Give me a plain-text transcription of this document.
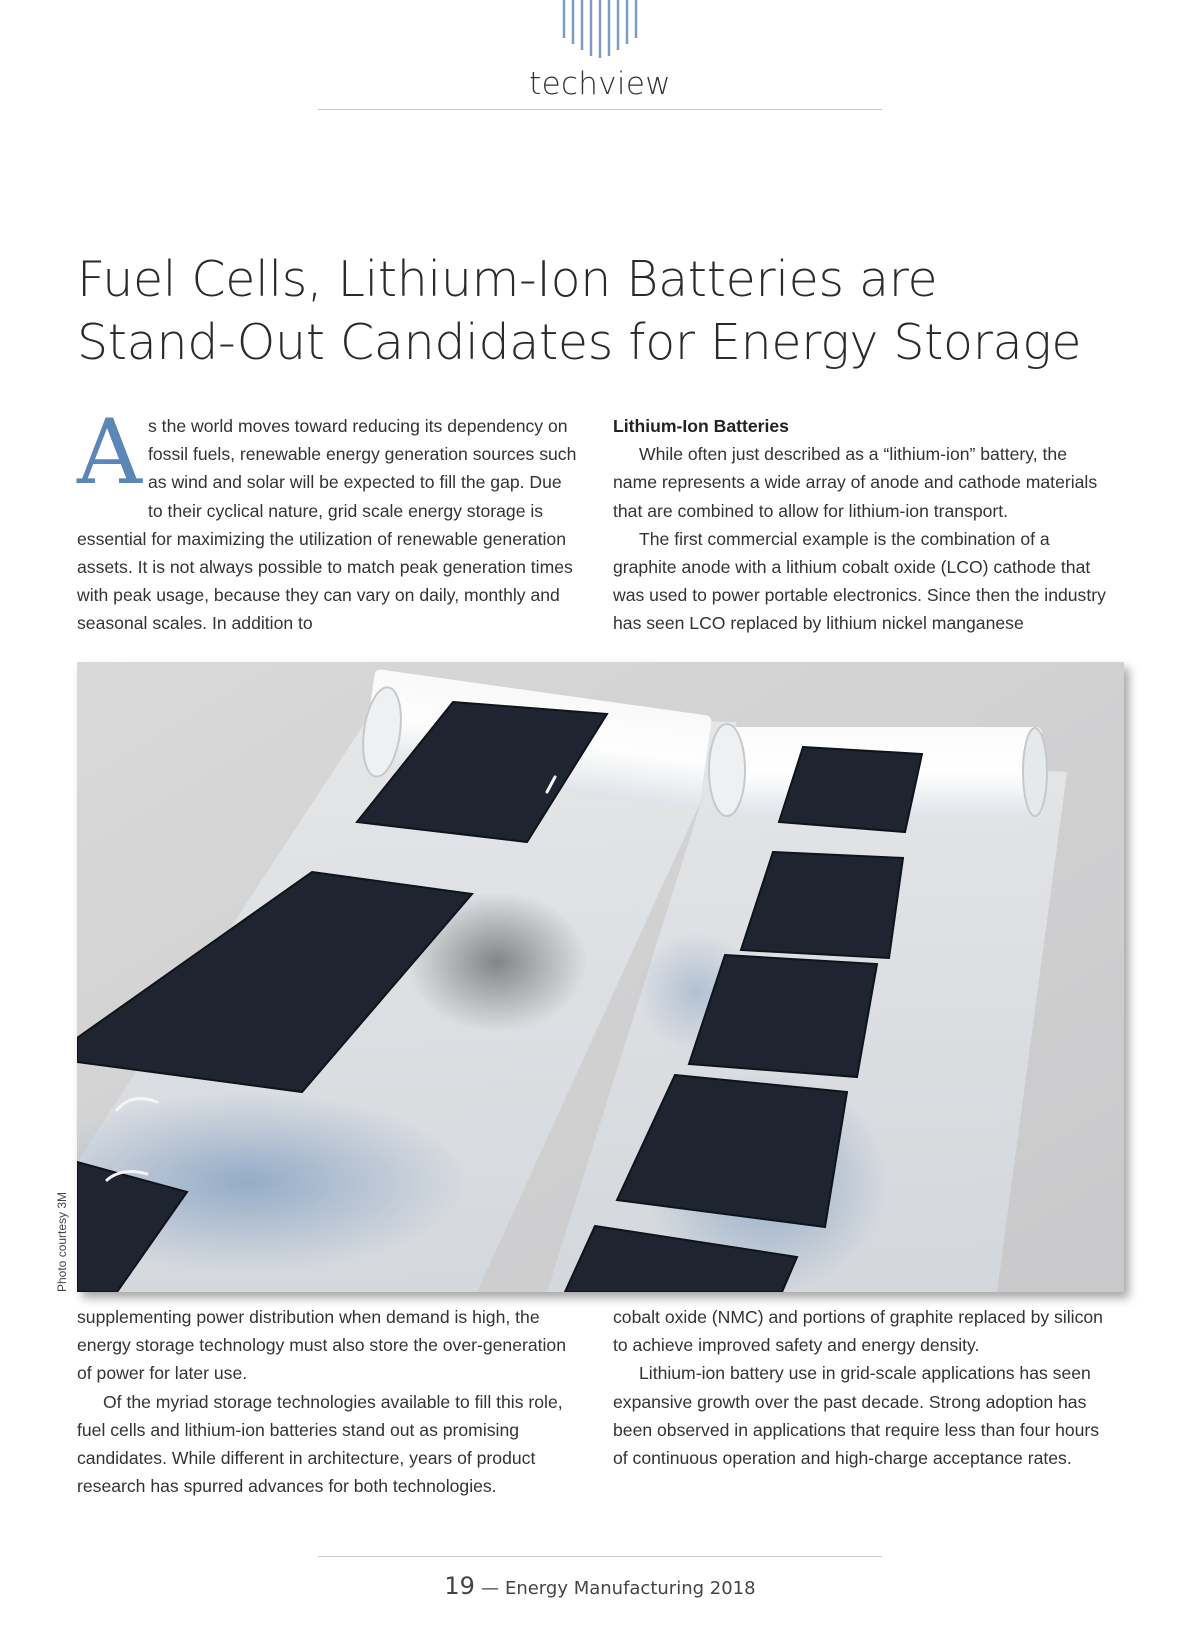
techview
Fuel Cells, Lithium-Ion Batteries are
Stand-Out Candidates for Energy Storage

As the world moves toward reducing its dependency on fossil fuels, renewable energy generation sources such as wind and solar will be expected to fill the gap. Due to their cyclical nature, grid scale energy storage is essential for maximizing the utilization of renewable generation assets. It is not always possible to match peak generation times with peak usage, because they can vary on daily, monthly and seasonal scales. In addition to

Lithium-Ion Batteries

While often just described as a “lithium-ion” battery, the name represents a wide array of anode and cathode materials that are combined to allow for lithium-ion transport.

The first commercial example is the combination of a graphite anode with a lithium cobalt oxide (LCO) cathode that was used to power portable electronics. Since then the industry has seen LCO replaced by lithium nickel manganese

Photo courtesy 3M

supplementing power distribution when demand is high, the energy storage technology must also store the over-generation of power for later use.

Of the myriad storage technologies available to fill this role, fuel cells and lithium-ion batteries stand out as promising candidates. While different in architecture, years of product research has spurred advances for both technologies.

cobalt oxide (NMC) and portions of graphite replaced by silicon to achieve improved safety and energy density.

Lithium-ion battery use in grid-scale applications has seen expansive growth over the past decade. Strong adoption has been observed in applications that require less than four hours of continuous operation and high-charge acceptance rates.

19 — Energy Manufacturing 2018
